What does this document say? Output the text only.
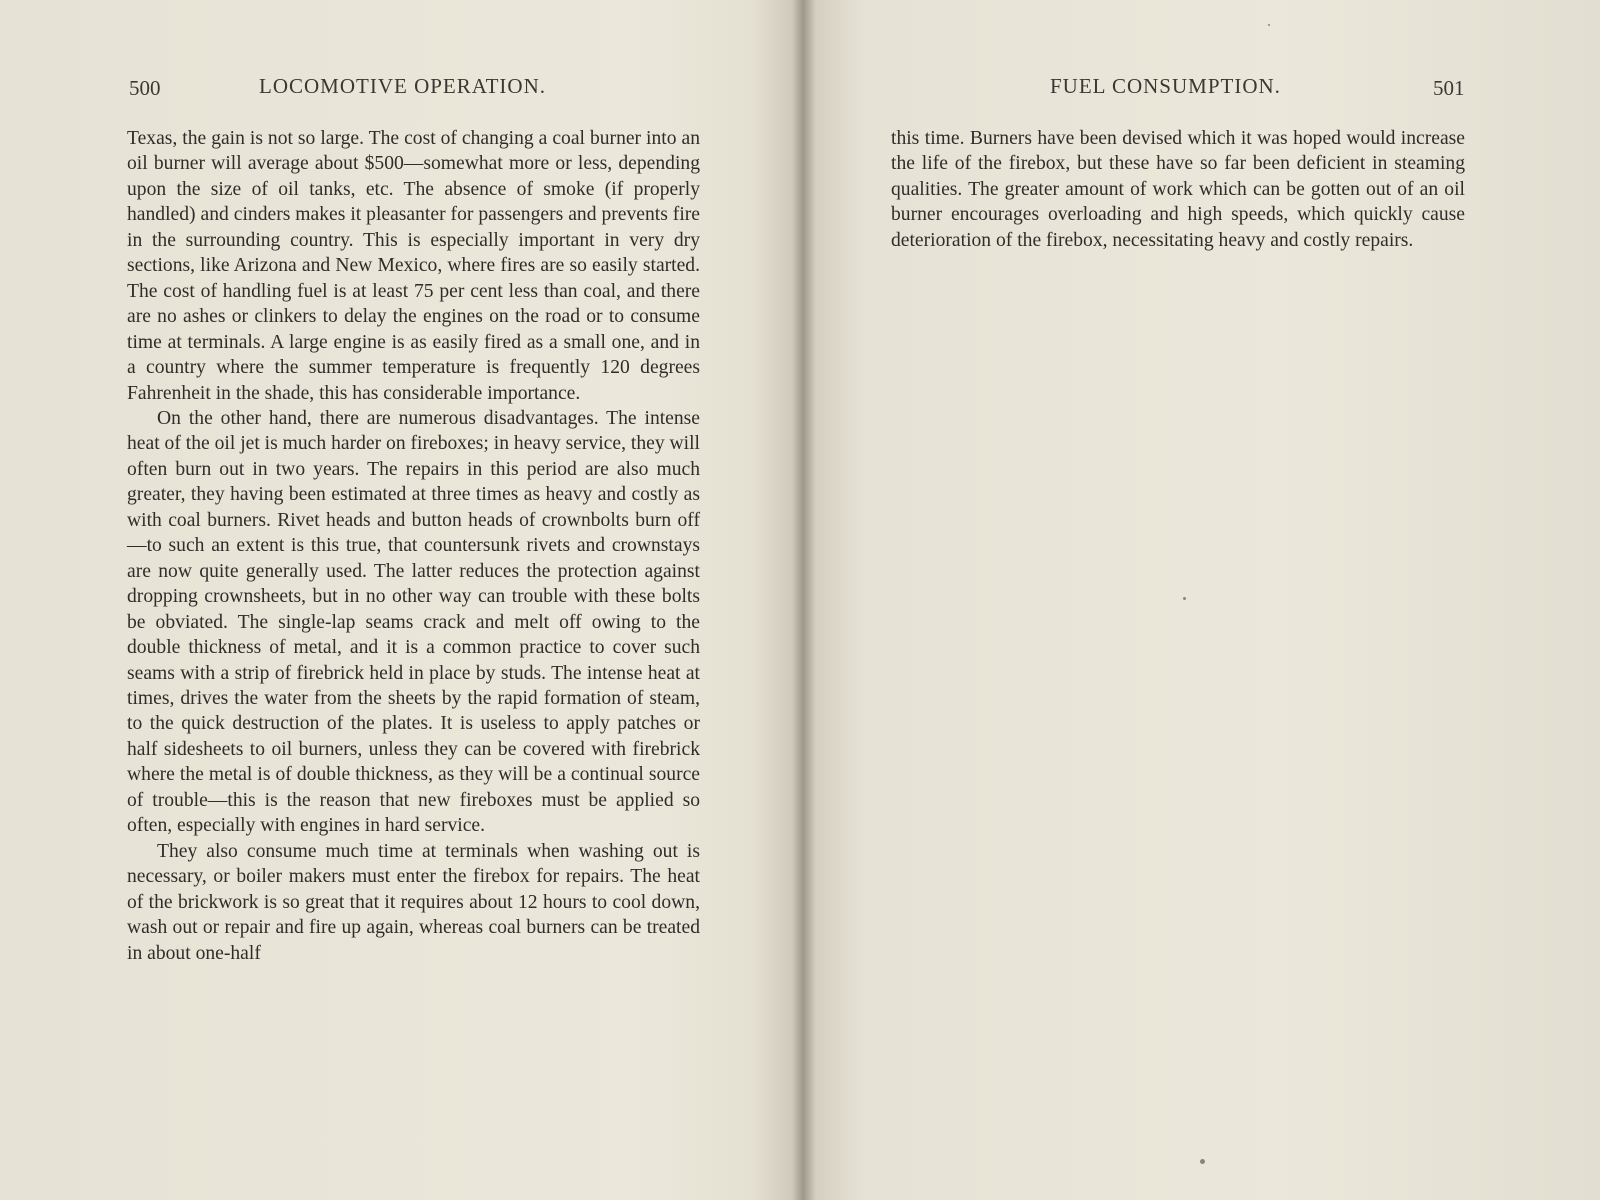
500	LOCOMOTIVE OPERATION.

Texas, the gain is not so large. The cost of changing a coal burner into an oil burner will average about $500—somewhat more or less, depending upon the size of oil tanks, etc. The absence of smoke (if properly handled) and cinders makes it pleasanter for passengers and prevents fire in the surrounding country. This is especially important in very dry sections, like Arizona and New Mexico, where fires are so easily started. The cost of handling fuel is at least 75 per cent less than coal, and there are no ashes or clinkers to delay the engines on the road or to consume time at terminals. A large engine is as easily fired as a small one, and in a country where the summer temperature is frequently 120 degrees Fahrenheit in the shade, this has considerable importance.

On the other hand, there are numerous disadvantages. The intense heat of the oil jet is much harder on fireboxes; in heavy service, they will often burn out in two years. The repairs in this period are also much greater, they having been estimated at three times as heavy and costly as with coal burners. Rivet heads and button heads of crownbolts burn off—to such an extent is this true, that countersunk rivets and crownstays are now quite generally used. The latter reduces the protection against dropping crownsheets, but in no other way can trouble with these bolts be obviated. The single-lap seams crack and melt off owing to the double thickness of metal, and it is a common practice to cover such seams with a strip of firebrick held in place by studs. The intense heat at times, drives the water from the sheets by the rapid formation of steam, to the quick destruction of the plates. It is useless to apply patches or half sidesheets to oil burners, unless they can be covered with firebrick where the metal is of double thickness, as they will be a continual source of trouble—this is the reason that new fireboxes must be applied so often, especially with engines in hard service.

They also consume much time at terminals when washing out is necessary, or boiler makers must enter the firebox for repairs. The heat of the brickwork is so great that it requires about 12 hours to cool down, wash out or repair and fire up again, whereas coal burners can be treated in about one-half

FUEL CONSUMPTION.	501

this time. Burners have been devised which it was hoped would increase the life of the firebox, but these have so far been deficient in steaming qualities. The greater amount of work which can be gotten out of an oil burner encourages overloading and high speeds, which quickly cause deterioration of the firebox, necessitating heavy and costly repairs.
